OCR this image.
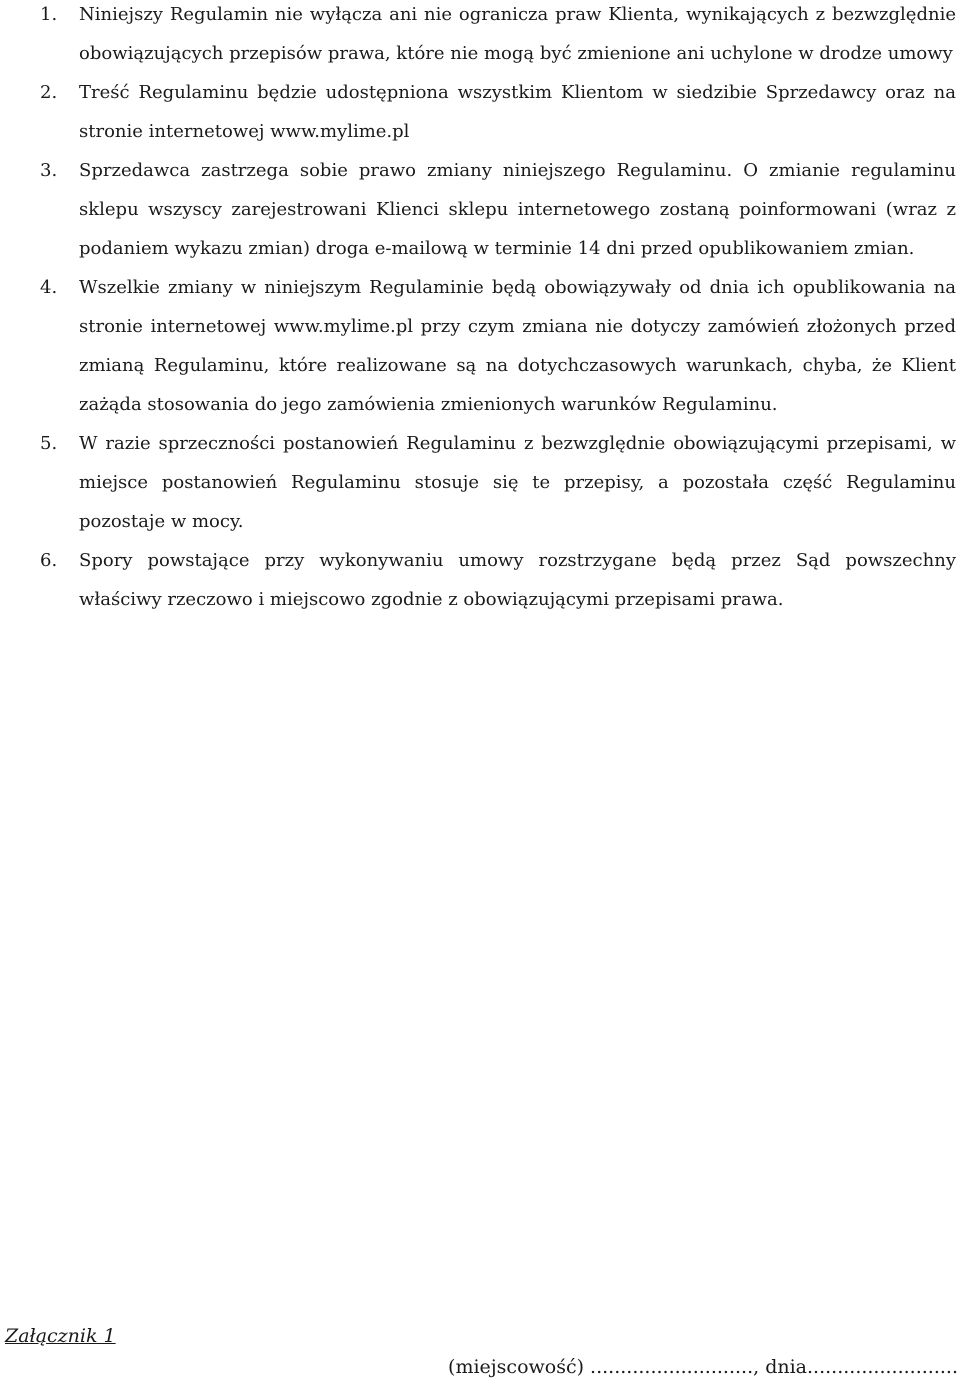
1. Niniejszy Regulamin nie wyłącza ani nie ogranicza praw Klienta, wynikających z bezwzględnie obowiązujących przepisów prawa, które nie mogą być zmienione ani uchylone w drodze umowy
2. Treść Regulaminu będzie udostępniona wszystkim Klientom w siedzibie Sprzedawcy oraz na stronie internetowej www.mylime.pl
3. Sprzedawca zastrzega sobie prawo zmiany niniejszego Regulaminu. O zmianie regulaminu sklepu wszyscy zarejestrowani Klienci sklepu internetowego zostaną poinformowani (wraz z podaniem wykazu zmian) droga e-mailową w terminie 14 dni przed opublikowaniem zmian.
4. Wszelkie zmiany w niniejszym Regulaminie będą obowiązywały od dnia ich opublikowania na stronie internetowej www.mylime.pl przy czym zmiana nie dotyczy zamówień złożonych przed zmianą Regulaminu, które realizowane są na dotychczasowych warunkach, chyba, że Klient zażąda stosowania do jego zamówienia zmienionych warunków Regulaminu.
5. W razie sprzeczności postanowień Regulaminu z bezwzględnie obowiązującymi przepisami, w miejsce postanowień Regulaminu stosuje się te przepisy, a pozostała część Regulaminu pozostaje w mocy.
6. Spory powstające przy wykonywaniu umowy rozstrzygane będą przez Sąd powszechny właściwy rzeczowo i miejscowo zgodnie z obowiązującymi przepisami prawa.

Załącznik 1

(miejscowość) ..........................., dnia.........................
